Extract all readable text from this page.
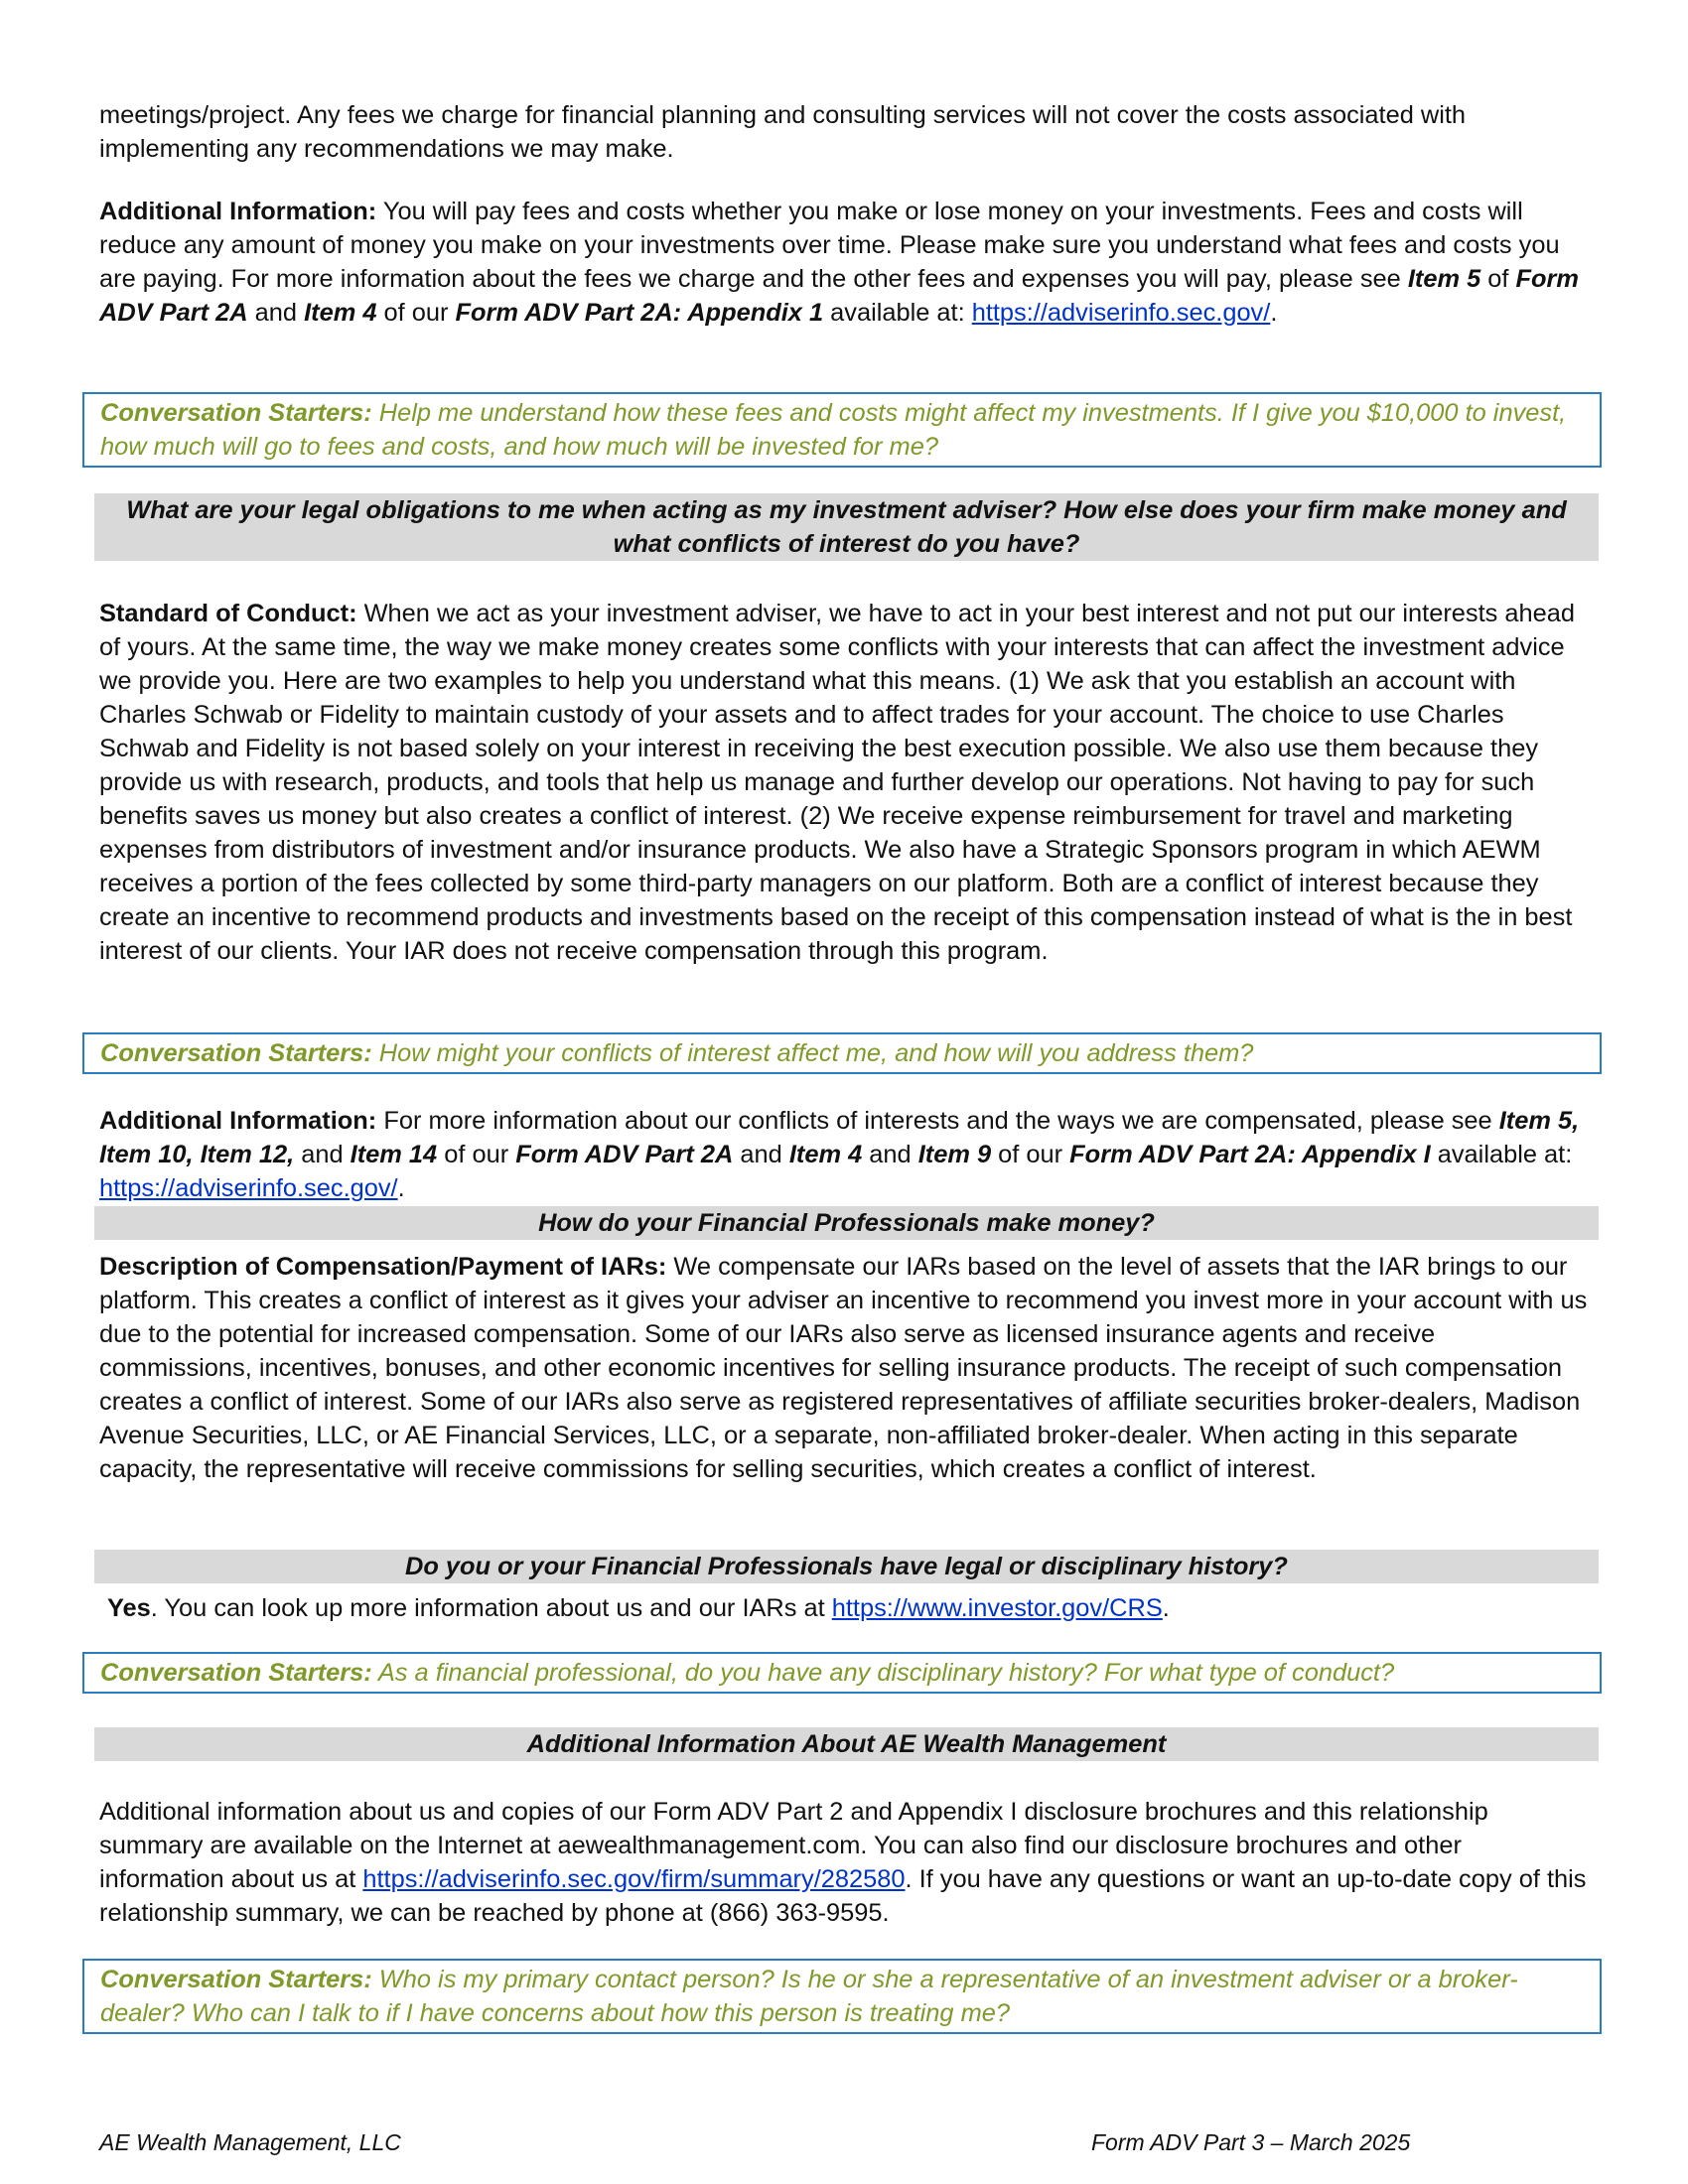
meetings/project. Any fees we charge for financial planning and consulting services will not cover the costs associated with implementing any recommendations we may make.

Additional Information: You will pay fees and costs whether you make or lose money on your investments. Fees and costs will reduce any amount of money you make on your investments over time. Please make sure you understand what fees and costs you are paying. For more information about the fees we charge and the other fees and expenses you will pay, please see Item 5 of Form ADV Part 2A and Item 4 of our Form ADV Part 2A: Appendix 1 available at: https://adviserinfo.sec.gov/.

Conversation Starters: Help me understand how these fees and costs might affect my investments. If I give you $10,000 to invest, how much will go to fees and costs, and how much will be invested for me?
What are your legal obligations to me when acting as my investment adviser? How else does your firm make money and what conflicts of interest do you have?

Standard of Conduct: When we act as your investment adviser, we have to act in your best interest and not put our interests ahead of yours. At the same time, the way we make money creates some conflicts with your interests that can affect the investment advice we provide you. Here are two examples to help you understand what this means. (1) We ask that you establish an account with Charles Schwab or Fidelity to maintain custody of your assets and to affect trades for your account. The choice to use Charles Schwab and Fidelity is not based solely on your interest in receiving the best execution possible. We also use them because they provide us with research, products, and tools that help us manage and further develop our operations. Not having to pay for such benefits saves us money but also creates a conflict of interest. (2) We receive expense reimbursement for travel and marketing expenses from distributors of investment and/or insurance products. We also have a Strategic Sponsors program in which AEWM receives a portion of the fees collected by some third-party managers on our platform. Both are a conflict of interest because they create an incentive to recommend products and investments based on the receipt of this compensation instead of what is the in best interest of our clients. Your IAR does not receive compensation through this program.

Conversation Starters: How might your conflicts of interest affect me, and how will you address them?

Additional Information: For more information about our conflicts of interests and the ways we are compensated, please see Item 5, Item 10, Item 12, and Item 14 of our Form ADV Part 2A and Item 4 and Item 9 of our Form ADV Part 2A: Appendix I available at: https://adviserinfo.sec.gov/.

How do your Financial Professionals make money?

Description of Compensation/Payment of IARs: We compensate our IARs based on the level of assets that the IAR brings to our platform. This creates a conflict of interest as it gives your adviser an incentive to recommend you invest more in your account with us due to the potential for increased compensation. Some of our IARs also serve as licensed insurance agents and receive commissions, incentives, bonuses, and other economic incentives for selling insurance products. The receipt of such compensation creates a conflict of interest. Some of our IARs also serve as registered representatives of affiliate securities broker-dealers, Madison Avenue Securities, LLC, or AE Financial Services, LLC, or a separate, non-affiliated broker-dealer. When acting in this separate capacity, the representative will receive commissions for selling securities, which creates a conflict of interest.

Do you or your Financial Professionals have legal or disciplinary history?

Yes. You can look up more information about us and our IARs at https://www.investor.gov/CRS.

Conversation Starters: As a financial professional, do you have any disciplinary history? For what type of conduct?
Additional Information About AE Wealth Management

Additional information about us and copies of our Form ADV Part 2 and Appendix I disclosure brochures and this relationship summary are available on the Internet at aewealthmanagement.com. You can also find our disclosure brochures and other information about us at https://adviserinfo.sec.gov/firm/summary/282580. If you have any questions or want an up-to-date copy of this relationship summary, we can be reached by phone at (866) 363-9595.

Conversation Starters: Who is my primary contact person? Is he or she a representative of an investment adviser or a broker-dealer? Who can I talk to if I have concerns about how this person is treating me?
AE Wealth Management, LLC	Form ADV Part 3 – March 2025
